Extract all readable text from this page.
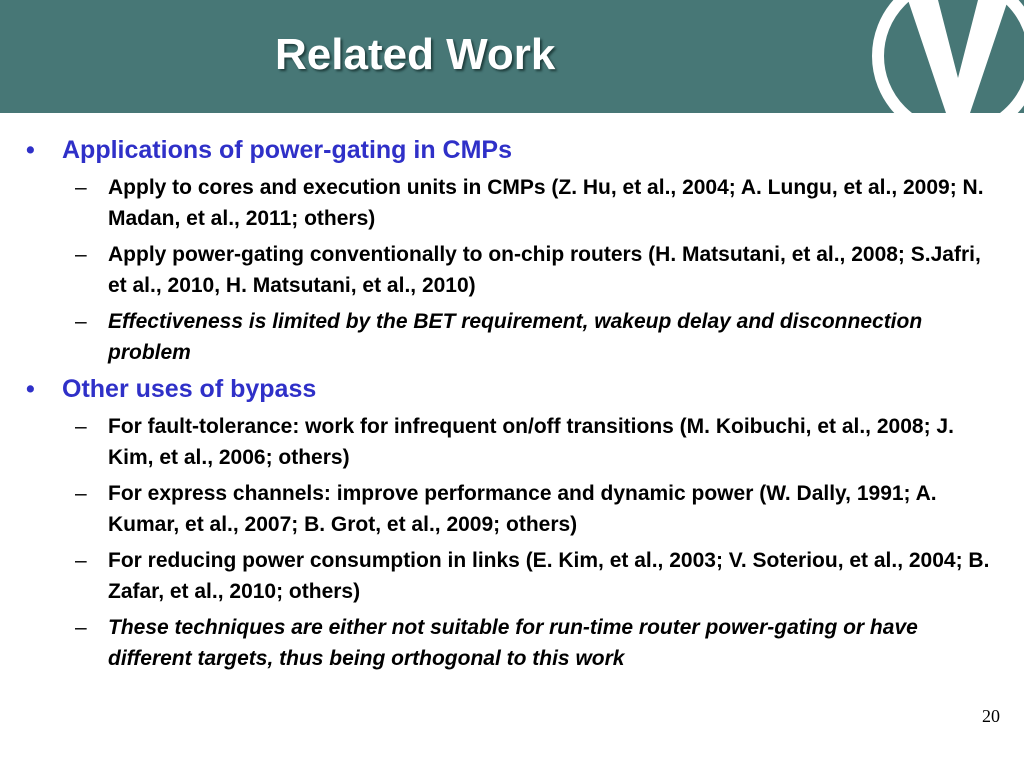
Related Work
• Applications of power-gating in CMPs
– Apply to cores and execution units in CMPs (Z. Hu, et al., 2004; A. Lungu, et al., 2009; N. Madan, et al., 2011; others)
– Apply power-gating conventionally to on-chip routers (H. Matsutani, et al., 2008; S.Jafri, et al., 2010, H. Matsutani, et al., 2010)
– Effectiveness is limited by the BET requirement, wakeup delay and disconnection problem
• Other uses of bypass
– For fault-tolerance: work for infrequent on/off transitions (M. Koibuchi, et al., 2008; J. Kim, et al., 2006; others)
– For express channels: improve performance and dynamic power (W. Dally, 1991; A. Kumar, et al., 2007; B. Grot, et al., 2009; others)
– For reducing power consumption in links (E. Kim, et al., 2003; V. Soteriou, et al., 2004; B. Zafar, et al., 2010; others)
– These techniques are either not suitable for run-time router power-gating or have different targets, thus being orthogonal to this work
20
